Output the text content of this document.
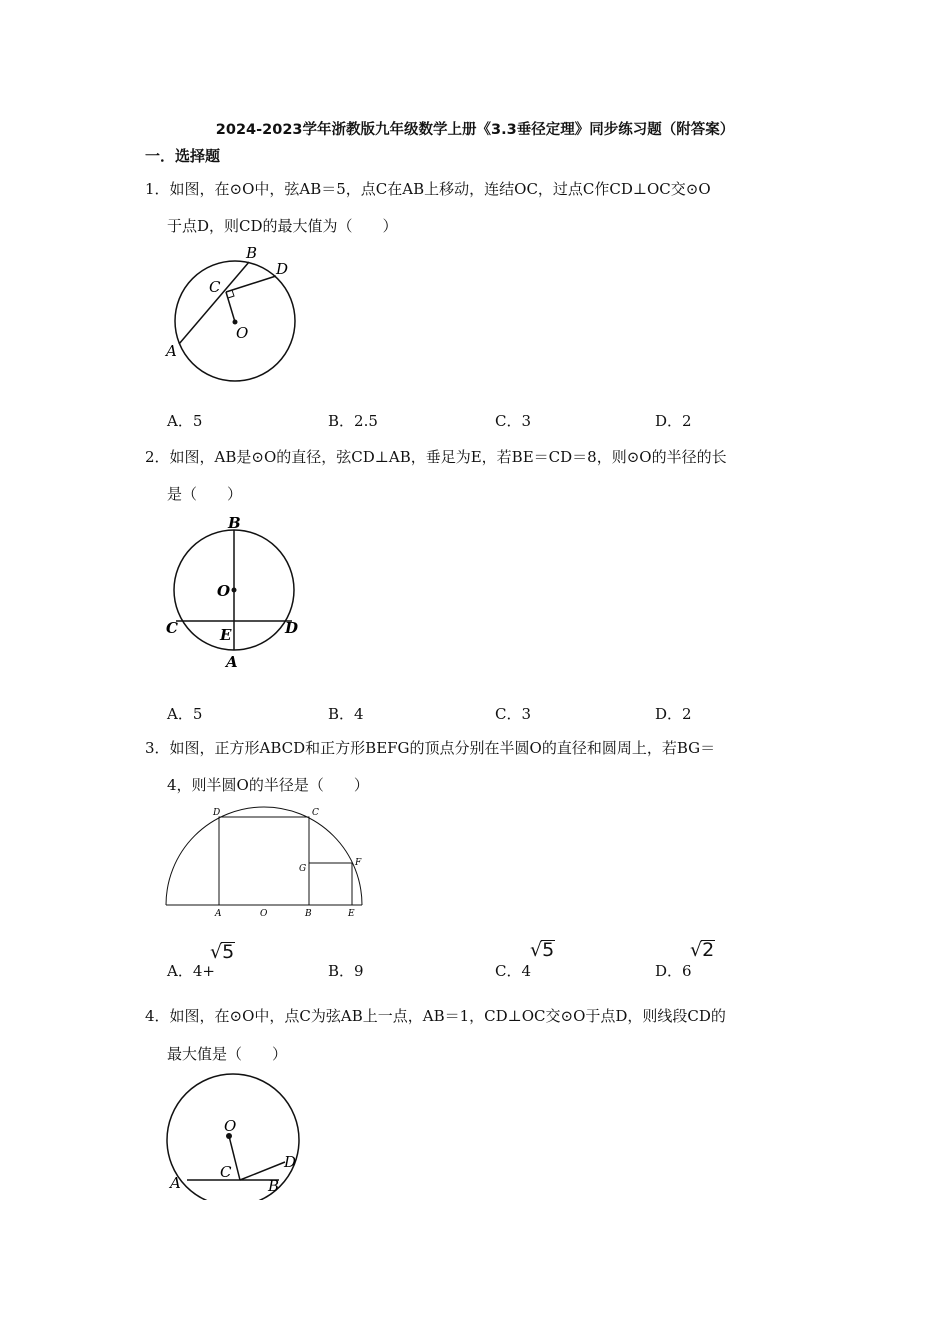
2024-2023学年浙教版九年级数学上册《3.3垂径定理》同步练习题（附答案）
一．选择题
1．如图，在⊙O中，弦AB＝5，点C在AB上移动，连结OC，过点C作CD⊥OC交⊙O
于点D，则CD的最大值为（　　）
B
D
C
O
A
A．5	B．2.5	C．3	D．2
2．如图，AB是⊙O的直径，弦CD⊥AB，垂足为E，若BE＝CD＝8，则⊙O的半径的长
是（　　）
B
O
C	E	D
A
A．5	B．4	C．3	D．2
3．如图，正方形ABCD和正方形BEFG的顶点分别在半圆O的直径和圆周上，若BG＝
4，则半圆O的半径是（　　）
D	C
G
F
A	O	B	E
A．4+
√5
B．9	C．4
√5
D．6
√2
4．如图，在⊙O中，点C为弦AB上一点，AB＝1，CD⊥OC交⊙O于点D，则线段CD的
最大值是（　　）
O
C
D
A	B
